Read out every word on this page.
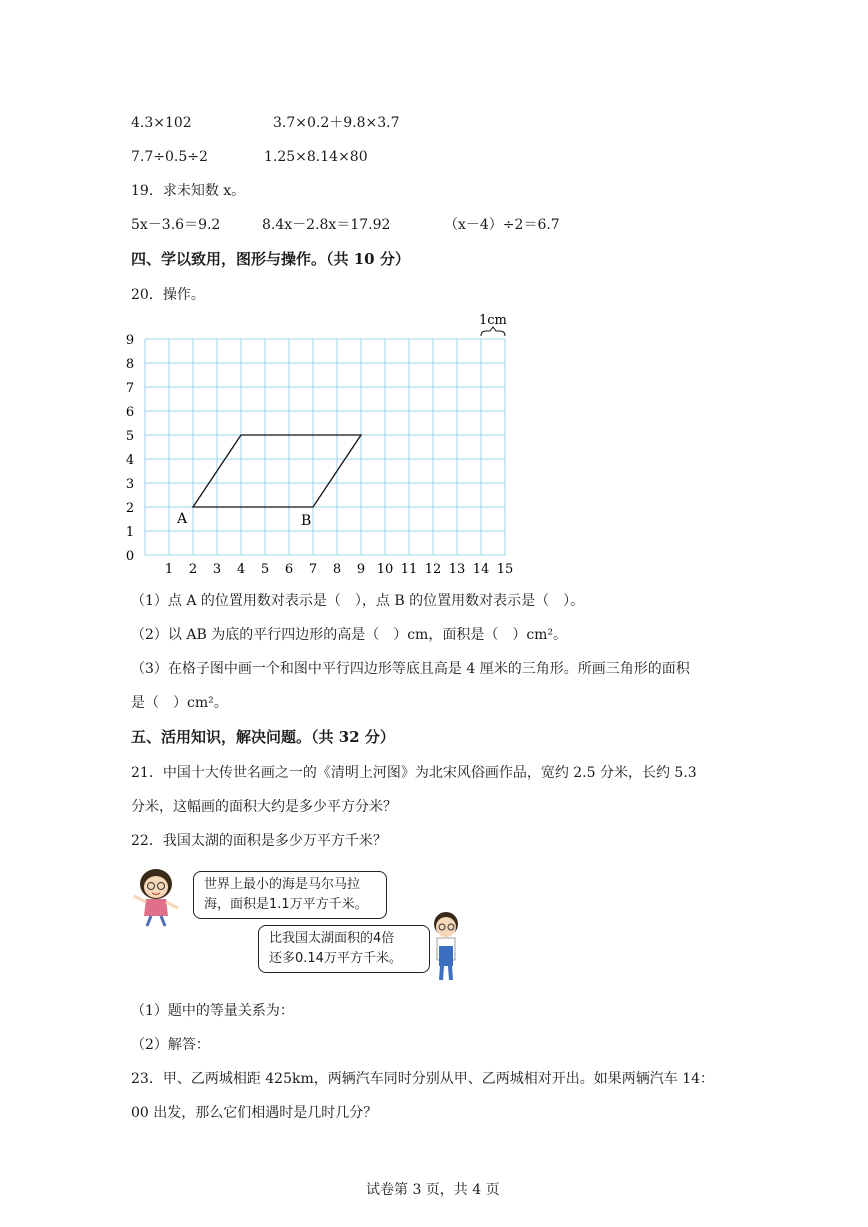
4.3×102	3.7×0.2＋9.8×3.7
7.7÷0.5÷2	1.25×8.14×80
19．求未知数 x。
5x－3.6＝9.2	8.4x－2.8x＝17.92	（x－4）÷2＝6.7
四、学以致用，图形与操作。（共 10 分）
20．操作。
0
1
2
3
4
5
6
7
8
9
1 2 3 4 5 6 7 8 9 10 11 12 13 14 15
A	B
1cm
（1）点 A 的位置用数对表示是（　），点 B 的位置用数对表示是（　）。
（2）以 AB 为底的平行四边形的高是（　）cm，面积是（　）cm²。
（3）在格子图中画一个和图中平行四边形等底且高是 4 厘米的三角形。所画三角形的面积
是（　）cm²。
五、活用知识，解决问题。（共 32 分）
21．中国十大传世名画之一的《清明上河图》为北宋风俗画作品，宽约 2.5 分米，长约 5.3
分米，这幅画的面积大约是多少平方分米？
22．我国太湖的面积是多少万平方千米？
世界上最小的海是马尔马拉
海，面积是1.1万平方千米。
比我国太湖面积的4倍
还多0.14万平方千米。
（1）题中的等量关系为：
（2）解答：
23．甲、乙两城相距 425km，两辆汽车同时分别从甲、乙两城相对开出。如果两辆汽车 14：
00 出发，那么它们相遇时是几时几分？
试卷第 3 页，共 4 页
